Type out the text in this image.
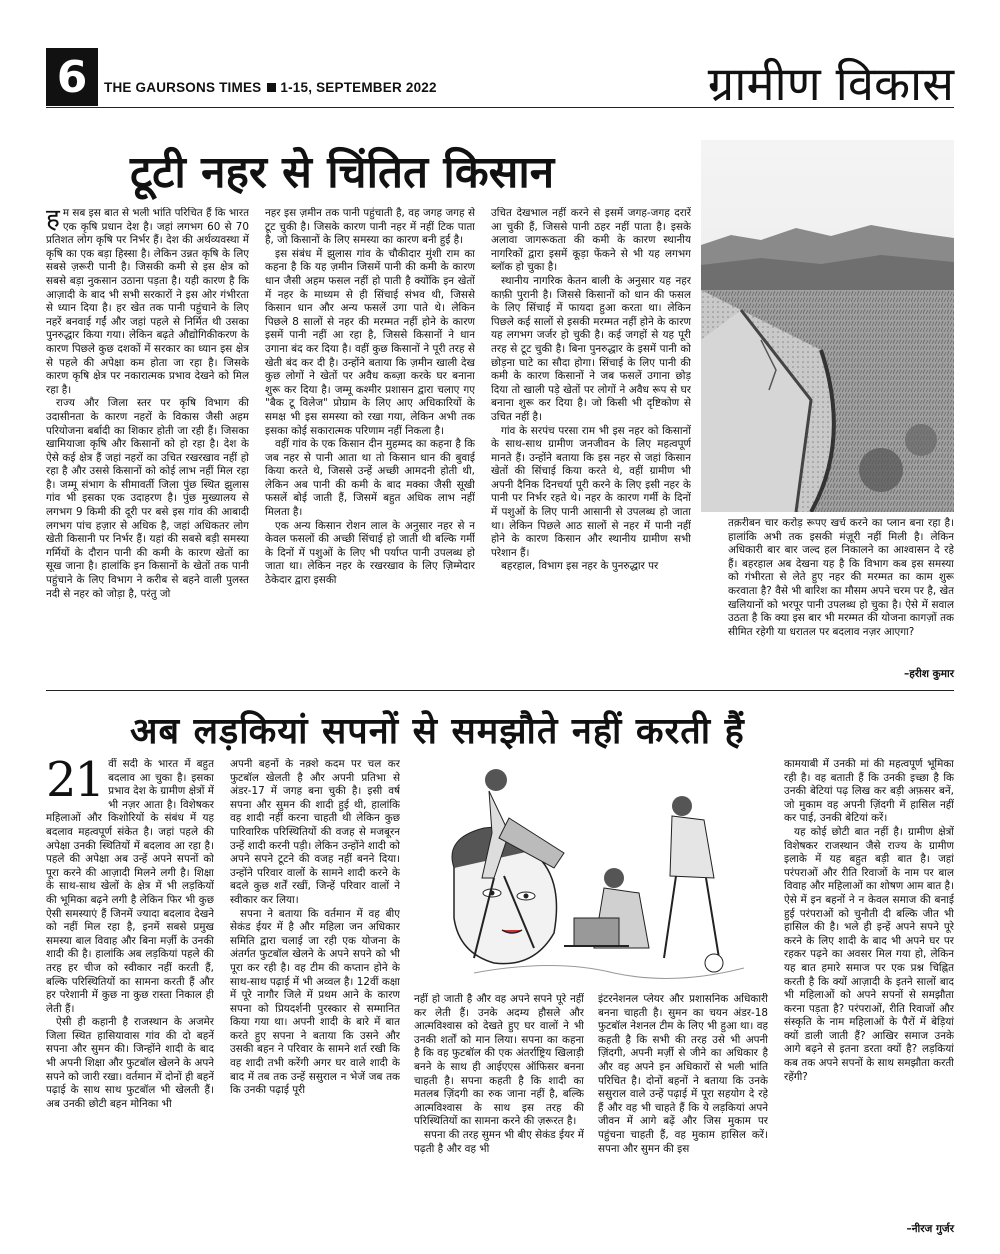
6	THE GAURSONS TIMES 1-15, SEPTEMBER 2022	ग्रामीण विकास
टूटी नहर से चिंतित किसान

हम सब इस बात से भली भांति परिचित हैं कि भारत एक कृषि प्रधान देश है। जहां लगभग 60 से 70 प्रतिशत लोग कृषि पर निर्भर हैं। देश की अर्थव्यवस्था में कृषि का एक बड़ा हिस्सा है। लेकिन उन्नत कृषि के लिए सबसे ज़रूरी पानी है। जिसकी कमी से इस क्षेत्र को सबसे बड़ा नुकसान उठाना पड़ता है। यही कारण है कि आज़ादी के बाद भी सभी सरकारों ने इस ओर गंभीरता से ध्यान दिया है। हर खेत तक पानी पहुंचाने के लिए नहरें बनवाई गईं और जहां पहले से निर्मित थी उसका पुनरुद्धार किया गया। लेकिन बढ़ते औद्योगिकीकरण के कारण पिछले कुछ दशकों में सरकार का ध्यान इस क्षेत्र से पहले की अपेक्षा कम होता जा रहा है। जिसके कारण कृषि क्षेत्र पर नकारात्मक प्रभाव देखने को मिल रहा है।

राज्य और जिला स्तर पर कृषि विभाग की उदासीनता के कारण नहरों के विकास जैसी अहम परियोजना बर्बादी का शिकार होती जा रही हैं। जिसका खामियाजा कृषि और किसानों को हो रहा है। देश के ऐसे कई क्षेत्र हैं जहां नहरों का उचित रखरखाव नहीं हो रहा है और उससे किसानों को कोई लाभ नहीं मिल रहा है। जम्मू संभाग के सीमावर्ती जिला पुंछ स्थित झुलास गांव भी इसका एक उदाहरण है। पुंछ मुख्यालय से लगभग 9 किमी की दूरी पर बसे इस गांव की आबादी लगभग पांच हज़ार से अधिक है, जहां अधिकतर लोग खेती किसानी पर निर्भर हैं। यहां की सबसे बड़ी समस्या गर्मियों के दौरान पानी की कमी के कारण खेतों का सूख जाना है। हालांकि इन किसानों के खेतों तक पानी पहुंचाने के लिए विभाग ने करीब से बहने वाली पुलस्त नदी से नहर को जोड़ा है, परंतु जो

नहर इस ज़मीन तक पानी पहुंचाती है, वह जगह जगह से टूट चुकी है। जिसके कारण पानी नहर में नहीं टिक पाता है, जो किसानों के लिए समस्या का कारण बनी हुई है।

इस संबंध में झुलास गांव के चौकीदार मुंशी राम का कहना है कि यह ज़मीन जिसमें पानी की कमी के कारण धान जैसी अहम फसल नहीं हो पाती है क्योंकि इन खेतों में नहर के माध्यम से ही सिंचाई संभव थी, जिससे किसान धान और अन्य फसलें उगा पाते थे। लेकिन पिछले 8 सालों से नहर की मरम्मत नहीं होने के कारण इसमें पानी नहीं आ रहा है, जिससे किसानों ने धान उगाना बंद कर दिया है। वहीं कुछ किसानों ने पूरी तरह से खेती बंद कर दी है। उन्होंने बताया कि ज़मीन खाली देख कुछ लोगों ने खेतों पर अवैध कब्ज़ा करके घर बनाना शुरू कर दिया है। जम्मू कश्मीर प्रशासन द्वारा चलाए गए "बैक टू विलेज" प्रोग्राम के लिए आए अधिकारियों के समक्ष भी इस समस्या को रखा गया, लेकिन अभी तक इसका कोई सकारात्मक परिणाम नहीं निकला है।

वहीं गांव के एक किसान दीन मुहम्मद का कहना है कि जब नहर से पानी आता था तो किसान धान की बुवाई किया करते थे, जिससे उन्हें अच्छी आमदनी होती थी, लेकिन अब पानी की कमी के बाद मक्का जैसी सूखी फसलें बोई जाती हैं, जिसमें बहुत अधिक लाभ नहीं मिलता है।

एक अन्य किसान रोशन लाल के अनुसार नहर से न केवल फसलों की अच्छी सिंचाई हो जाती थी बल्कि गर्मी के दिनों में पशुओं के लिए भी पर्याप्त पानी उपलब्ध हो जाता था। लेकिन नहर के रखरखाव के लिए ज़िम्मेदार ठेकेदार द्वारा इसकी

उचित देखभाल नहीं करने से इसमें जगह-जगह दरारें आ चुकी हैं, जिससे पानी ठहर नहीं पाता है। इसके अलावा जागरूकता की कमी के कारण स्थानीय नागरिकों द्वारा इसमें कूड़ा फेंकने से भी यह लगभग ब्लॉक हो चुका है।

स्थानीय नागरिक केतन बाली के अनुसार यह नहर काफ़ी पुरानी है। जिससे किसानों को धान की फसल के लिए सिंचाई में फायदा हुआ करता था। लेकिन पिछले कई सालों से इसकी मरम्मत नहीं होने के कारण यह लगभग जर्जर हो चुकी है। कई जगहों से यह पूरी तरह से टूट चुकी है। बिना पुनरुद्धार के इसमें पानी को छोड़ना घाटे का सौदा होगा। सिंचाई के लिए पानी की कमी के कारण किसानों ने जब फसलें उगाना छोड़ दिया तो खाली पड़े खेतों पर लोगों ने अवैध रूप से घर बनाना शुरू कर दिया है। जो किसी भी दृष्टिकोण से उचित नहीं है।

गांव के सरपंच परसा राम भी इस नहर को किसानों के साथ-साथ ग्रामीण जनजीवन के लिए महत्वपूर्ण मानते हैं। उन्होंने बताया कि इस नहर से जहां किसान खेतों की सिंचाई किया करते थे, वहीं ग्रामीण भी अपनी दैनिक दिनचर्या पूरी करने के लिए इसी नहर के पानी पर निर्भर रहते थे। नहर के कारण गर्मी के दिनों में पशुओं के लिए पानी आसानी से उपलब्ध हो जाता था। लेकिन पिछले आठ सालों से नहर में पानी नहीं होने के कारण किसान और स्थानीय ग्रामीण सभी परेशान हैं।

बहरहाल, विभाग इस नहर के पुनरुद्धार पर

तक़रीबन चार करोड़ रूपए खर्च करने का प्लान बना रहा है। हालांकि अभी तक इसकी मंज़ूरी नहीं मिली है। लेकिन अधिकारी बार बार जल्द हल निकालने का आश्वासन दे रहे हैं। बहरहाल अब देखना यह है कि विभाग कब इस समस्या को गंभीरता से लेते हुए नहर की मरम्मत का काम शुरू करवाता है? वैसे भी बारिश का मौसम अपने चरम पर है, खेत खलियानों को भरपूर पानी उपलब्ध हो चुका है। ऐसे में सवाल उठता है कि क्या इस बार भी मरम्मत की योजना कागज़ों तक सीमित रहेगी या धरातल पर बदलाव नज़र आएगा?

–हरीश कुमार
अब लड़कियां सपनों से समझौते नहीं करती हैं

21 वीं सदी के भारत में बहुत बदलाव आ चुका है। इसका प्रभाव देश के ग्रामीण क्षेत्रों में भी नज़र आता है। विशेषकर महिलाओं और किशोरियों के संबंध में यह बदलाव महत्वपूर्ण संकेत है। जहां पहले की अपेक्षा उनकी स्थितियों में बदलाव आ रहा है। पहले की अपेक्षा अब उन्हें अपने सपनों को पूरा करने की आज़ादी मिलने लगी है। शिक्षा के साथ-साथ खेलों के क्षेत्र में भी लड़कियों की भूमिका बढ़ने लगी है लेकिन फिर भी कुछ ऐसी समस्याएं हैं जिनमें ज्यादा बदलाव देखने को नहीं मिल रहा है, इनमें सबसे प्रमुख समस्या बाल विवाह और बिना मर्ज़ी के उनकी शादी की है। हालांकि अब लड़कियां पहले की तरह हर चीज को स्वीकार नहीं करती हैं, बल्कि परिस्थितियों का सामना करती हैं और हर परेशानी में कुछ ना कुछ रास्ता निकाल ही लेती हैं।

ऐसी ही कहानी है राजस्थान के अजमेर जिला स्थित हासियावास गांव की दो बहनें सपना और सुमन की। जिन्होंने शादी के बाद भी अपनी शिक्षा और फुटबॉल खेलने के अपने सपने को जारी रखा। वर्तमान में दोनों ही बहनें पढ़ाई के साथ साथ फुटबॉल भी खेलती हैं। अब उनकी छोटी बहन मोनिका भी

अपनी बहनों के नक़्शे कदम पर चल कर फुटबॉल खेलती है और अपनी प्रतिभा से अंडर-17 में जगह बना चुकी है। इसी वर्ष सपना और सुमन की शादी हुई थी, हालांकि वह शादी नहीं करना चाहती थी लेकिन कुछ पारिवारिक परिस्थितियों की वजह से मजबूरन उन्हें शादी करनी पड़ी। लेकिन उन्होंने शादी को अपने सपने टूटने की वजह नहीं बनने दिया। उन्होंने परिवार वालों के सामने शादी करने के बदले कुछ शर्तें रखीं, जिन्हें परिवार वालों ने स्वीकार कर लिया।

सपना ने बताया कि वर्तमान में वह बीए सेकंड ईयर में है और महिला जन अधिकार समिति द्वारा चलाई जा रही एक योजना के अंतर्गत फुटबॉल खेलने के अपने सपने को भी पूरा कर रही है। वह टीम की कप्तान होने के साथ-साथ पढ़ाई में भी अव्वल है। 12वीं कक्षा में पूरे नागौर जिले में प्रथम आने के कारण सपना को प्रियदर्शनी पुरस्कार से सम्मानित किया गया था। अपनी शादी के बारे में बात करते हुए सपना ने बताया कि उसने और उसकी बहन ने परिवार के सामने शर्त रखी कि वह शादी तभी करेंगी अगर घर वाले शादी के बाद में तब तक उन्हें ससुराल न भेजें जब तक कि उनकी पढ़ाई पूरी

नहीं हो जाती है और वह अपने सपने पूरे नहीं कर लेती हैं। उनके अदम्य हौसले और आत्मविश्वास को देखते हुए घर वालों ने भी उनकी शर्तों को मान लिया। सपना का कहना है कि वह फुटबॉल की एक अंतर्राष्ट्रिय खिलाड़ी बनने के साथ ही आईएएस ऑफिसर बनना चाहती है। सपना कहती है कि शादी का मतलब ज़िंदगी का रुक जाना नहीं है, बल्कि आत्मविश्वास के साथ इस तरह की परिस्थितियों का सामना करने की ज़रूरत है।

सपना की तरह सुमन भी बीए सेकंड ईयर में पढ़ती है और वह भी

इंटरनेशनल प्लेयर और प्रशासनिक अधिकारी बनना चाहती है। सुमन का चयन अंडर-18 फुटबॉल नेशनल टीम के लिए भी हुआ था। वह कहती है कि सभी की तरह उसे भी अपनी ज़िंदगी, अपनी मर्ज़ी से जीने का अधिकार है और वह अपने इन अधिकारों से भली भांति परिचित है। दोनों बहनों ने बताया कि उनके ससुराल वाले उन्हें पढ़ाई में पूरा सहयोग दे रहे हैं और वह भी चाहते हैं कि ये लड़कियां अपने जीवन में आगे बढ़ें और जिस मुकाम पर पहुंचना चाहती हैं, वह मुकाम हासिल करें। सपना और सुमन की इस

कामयाबी में उनकी मां की महत्वपूर्ण भूमिका रही है। वह बताती हैं कि उनकी इच्छा है कि उनकी बेटियां पढ़ लिख कर बड़ी अफ़सर बनें, जो मुकाम वह अपनी ज़िंदगी में हासिल नहीं कर पाई, उनकी बेटियां करें।

यह कोई छोटी बात नहीं है। ग्रामीण क्षेत्रों विशेषकर राजस्थान जैसे राज्य के ग्रामीण इलाके में यह बहुत बड़ी बात है। जहां परंपराओं और रीति रिवाजों के नाम पर बाल विवाह और महिलाओं का शोषण आम बात है। ऐसे में इन बहनों ने न केवल समाज की बनाई हुई परंपराओं को चुनौती दी बल्कि जीत भी हासिल की है। भले ही इन्हें अपने सपने पूरे करने के लिए शादी के बाद भी अपने घर पर रहकर पढ़ने का अवसर मिल गया हो, लेकिन यह बात हमारे समाज पर एक प्रश्न चिह्नित करती है कि क्यों आज़ादी के इतने सालों बाद भी महिलाओं को अपने सपनों से समझौता करना पड़ता है? परंपराओं, रीति रिवाजों और संस्कृति के नाम महिलाओं के पैरों में बेड़ियां क्यों डाली जाती हैं? आखिर समाज उनके आगे बढ़ने से इतना डरता क्यों है? लड़कियां कब तक अपने सपनों के साथ समझौता करती रहेंगी?

–नीरज गुर्जर
